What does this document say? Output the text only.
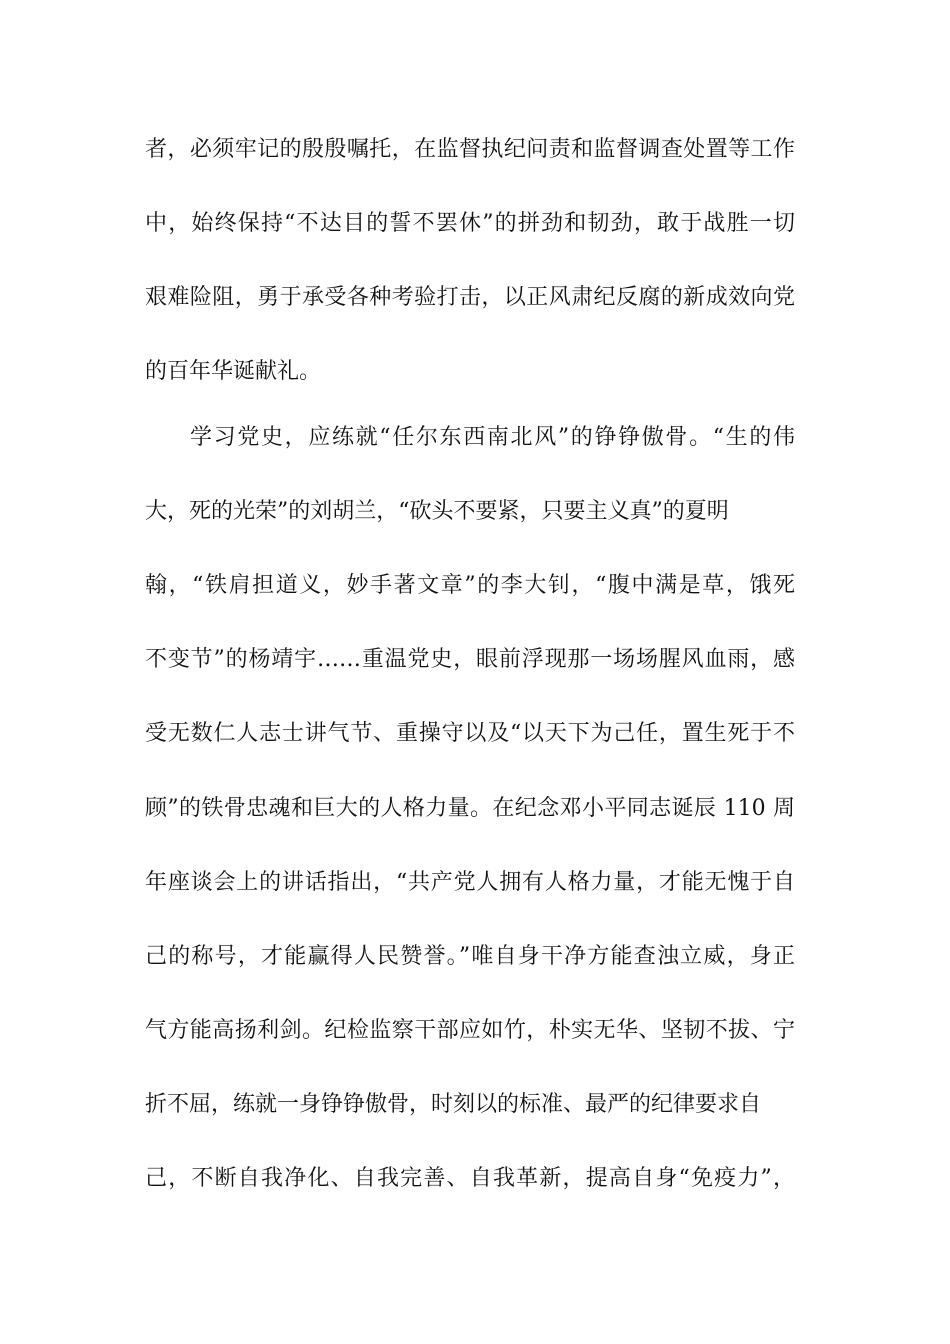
者，必须牢记的殷殷嘱托，在监督执纪问责和监督调查处置等工作
中，始终保持“不达目的誓不罢休”的拼劲和韧劲，敢于战胜一切
艰难险阻，勇于承受各种考验打击，以正风肃纪反腐的新成效向党
的百年华诞献礼。
学习党史，应练就“任尔东西南北风”的铮铮傲骨。“生的伟
大，死的光荣”的刘胡兰，“砍头不要紧，只要主义真”的夏明
翰，“铁肩担道义，妙手著文章”的李大钊，“腹中满是草，饿死
不变节”的杨靖宇……重温党史，眼前浮现那一场场腥风血雨，感
受无数仁人志士讲气节、重操守以及“以天下为己任，置生死于不
顾”的铁骨忠魂和巨大的人格力量。在纪念邓小平同志诞辰 110 周
年座谈会上的讲话指出，“共产党人拥有人格力量，才能无愧于自
己的称号，才能赢得人民赞誉。”唯自身干净方能查浊立威，身正
气方能高扬利剑。纪检监察干部应如竹，朴实无华、坚韧不拔、宁
折不屈，练就一身铮铮傲骨，时刻以的标准、最严的纪律要求自
己，不断自我净化、自我完善、自我革新，提高自身“免疫力”，
